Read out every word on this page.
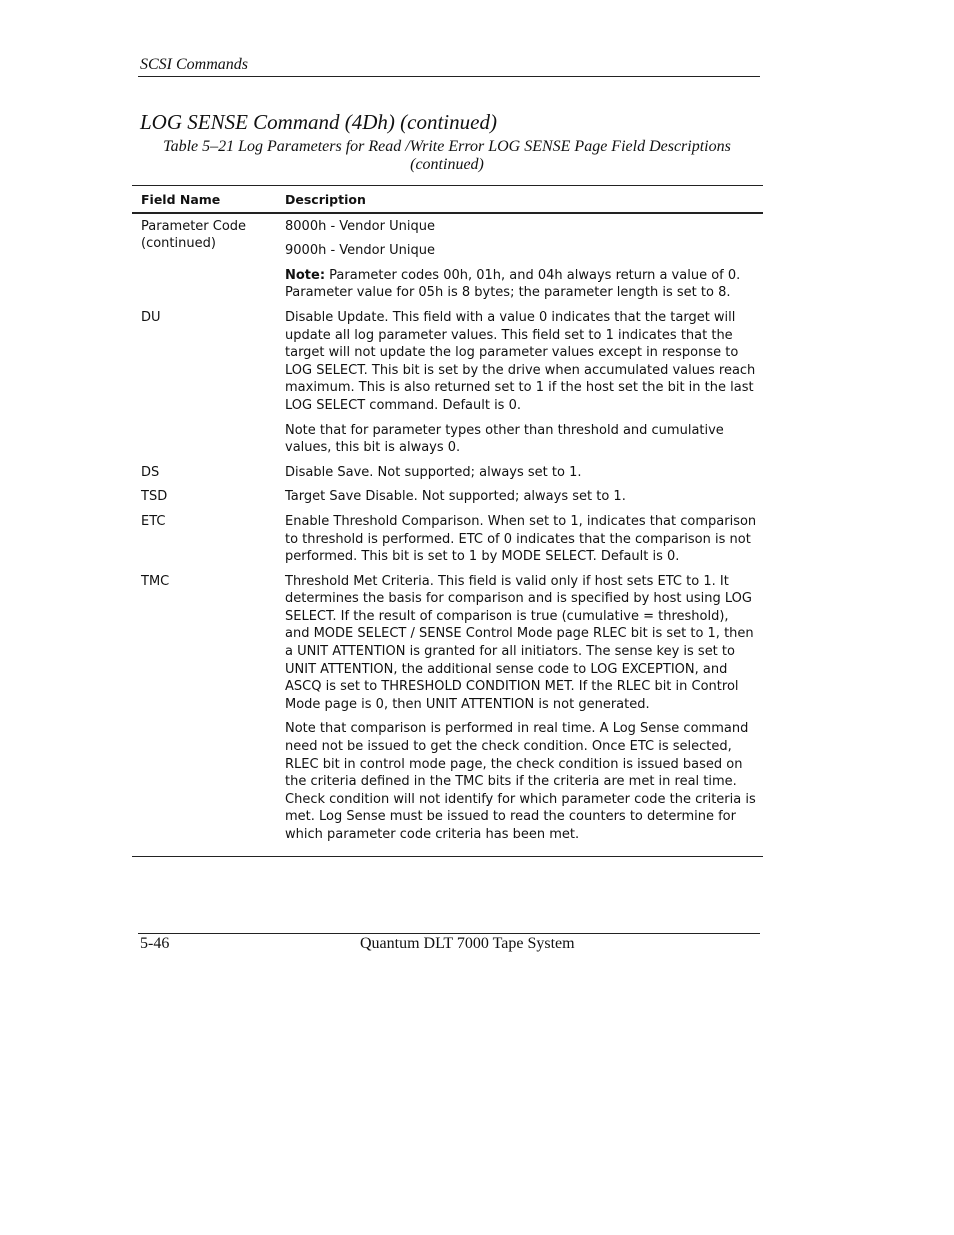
SCSI Commands
LOG SENSE Command (4Dh) (continued)
Table 5–21 Log Parameters for Read /Write Error LOG SENSE Page Field Descriptions
(continued)
Field Name	Description
Parameter Code (continued)	8000h - Vendor Unique
9000h - Vendor Unique
Note: Parameter codes 00h, 01h, and 04h always return a value of 0. Parameter value for 05h is 8 bytes; the parameter length is set to 8.

DU	Disable Update. This field with a value 0 indicates that the target will update all log parameter values. This field set to 1 indicates that the target will not update the log parameter values except in response to LOG SELECT. This bit is set by the drive when accumulated values reach maximum. This is also returned set to 1 if the host set the bit in the last LOG SELECT command. Default is 0.
Note that for parameter types other than threshold and cumulative values, this bit is always 0.

DS	Disable Save. Not supported; always set to 1.

TSD	Target Save Disable. Not supported; always set to 1.

ETC	Enable Threshold Comparison. When set to 1, indicates that comparison to threshold is performed. ETC of 0 indicates that the comparison is not performed. This bit is set to 1 by MODE SELECT. Default is 0.

TMC	Threshold Met Criteria. This field is valid only if host sets ETC to 1. It determines the basis for comparison and is specified by host using LOG SELECT. If the result of comparison is true (cumulative = threshold), and MODE SELECT / SENSE Control Mode page RLEC bit is set to 1, then a UNIT ATTENTION is granted for all initiators. The sense key is set to UNIT ATTENTION, the additional sense code to LOG EXCEPTION, and ASCQ is set to THRESHOLD CONDITION MET. If the RLEC bit in Control Mode page is 0, then UNIT ATTENTION is not generated.
Note that comparison is performed in real time. A Log Sense command need not be issued to get the check condition. Once ETC is selected, RLEC bit in control mode page, the check condition is issued based on the criteria defined in the TMC bits if the criteria are met in real time. Check condition will not identify for which parameter code the criteria is met. Log Sense must be issued to read the counters to determine for which parameter code criteria has been met.
5-46	Quantum DLT 7000 Tape System
